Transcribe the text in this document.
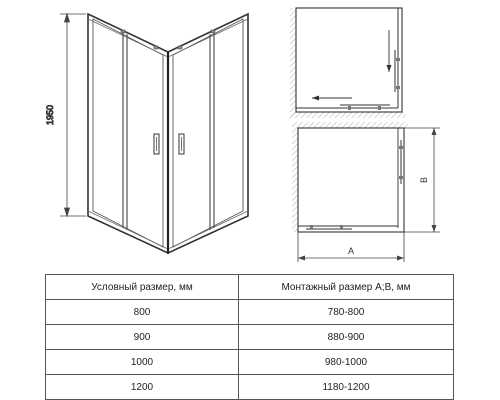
1950
B
A
Условный размер, мм	Монтажный размер A;B, мм
800	780-800
900	880-900
1000	980-1000
1200	1180-1200
